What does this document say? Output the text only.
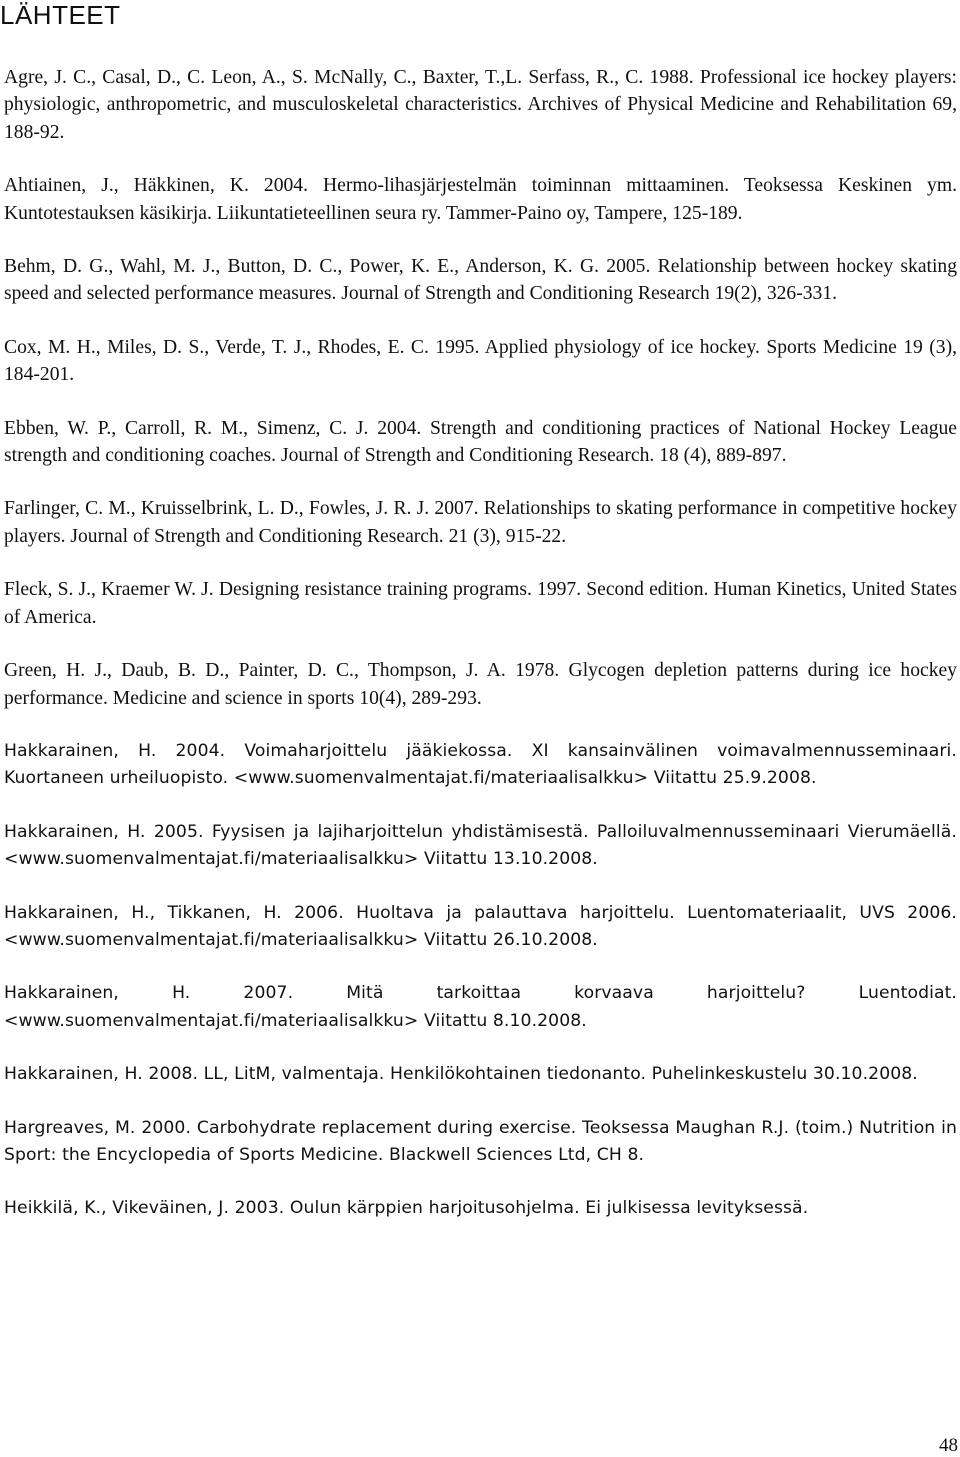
LÄHTEET
Agre, J. C., Casal, D., C. Leon, A., S. McNally, C., Baxter, T.,L. Serfass, R., C. 1988. Professional ice hockey players: physiologic, anthropometric, and musculoskeletal characteristics. Archives of Physical Medicine and Rehabilitation 69, 188-92.
Ahtiainen, J., Häkkinen, K. 2004. Hermo-lihasjärjestelmän toiminnan mittaaminen. Teoksessa Keskinen ym. Kuntotestauksen käsikirja. Liikuntatieteellinen seura ry. Tammer-Paino oy, Tampere, 125-189.
Behm, D. G., Wahl, M. J., Button, D. C., Power, K. E., Anderson, K. G. 2005. Relationship between hockey skating speed and selected performance measures. Journal of Strength and Conditioning Research 19(2), 326-331.
Cox, M. H., Miles, D. S., Verde, T. J., Rhodes, E. C. 1995. Applied physiology of ice hockey. Sports Medicine 19 (3), 184-201.
Ebben, W. P., Carroll, R. M., Simenz, C. J. 2004. Strength and conditioning practices of National Hockey League strength and conditioning coaches. Journal of Strength and Conditioning Research. 18 (4), 889-897.
Farlinger, C. M., Kruisselbrink, L. D., Fowles, J. R. J. 2007. Relationships to skating performance in competitive hockey players. Journal of Strength and Conditioning Research. 21 (3), 915-22.
Fleck, S. J., Kraemer W. J. Designing resistance training programs. 1997. Second edition. Human Kinetics, United States of America.
Green, H. J., Daub, B. D., Painter, D. C., Thompson, J. A. 1978. Glycogen depletion patterns during ice hockey performance. Medicine and science in sports 10(4), 289-293.
Hakkarainen, H. 2004. Voimaharjoittelu jääkiekossa. XI kansainvälinen voimavalmennusseminaari. Kuortaneen urheiluopisto. <www.suomenvalmentajat.fi/materiaalisalkku> Viitattu 25.9.2008.
Hakkarainen, H. 2005. Fyysisen ja lajiharjoittelun yhdistämisestä. Palloiluvalmennusseminaari Vierumäellä. <www.suomenvalmentajat.fi/materiaalisalkku> Viitattu 13.10.2008.
Hakkarainen, H., Tikkanen, H. 2006. Huoltava ja palauttava harjoittelu. Luentomateriaalit, UVS 2006. <www.suomenvalmentajat.fi/materiaalisalkku> Viitattu 26.10.2008.
Hakkarainen, H. 2007. Mitä tarkoittaa korvaava harjoittelu? Luentodiat. <www.suomenvalmentajat.fi/materiaalisalkku> Viitattu 8.10.2008.
Hakkarainen, H. 2008. LL, LitM, valmentaja. Henkilökohtainen tiedonanto. Puhelinkeskustelu 30.10.2008.
Hargreaves, M. 2000. Carbohydrate replacement during exercise. Teoksessa Maughan R.J. (toim.) Nutrition in Sport: the Encyclopedia of Sports Medicine. Blackwell Sciences Ltd, CH 8.
Heikkilä, K., Vikeväinen, J. 2003. Oulun kärppien harjoitusohjelma. Ei julkisessa levityksessä.
48
